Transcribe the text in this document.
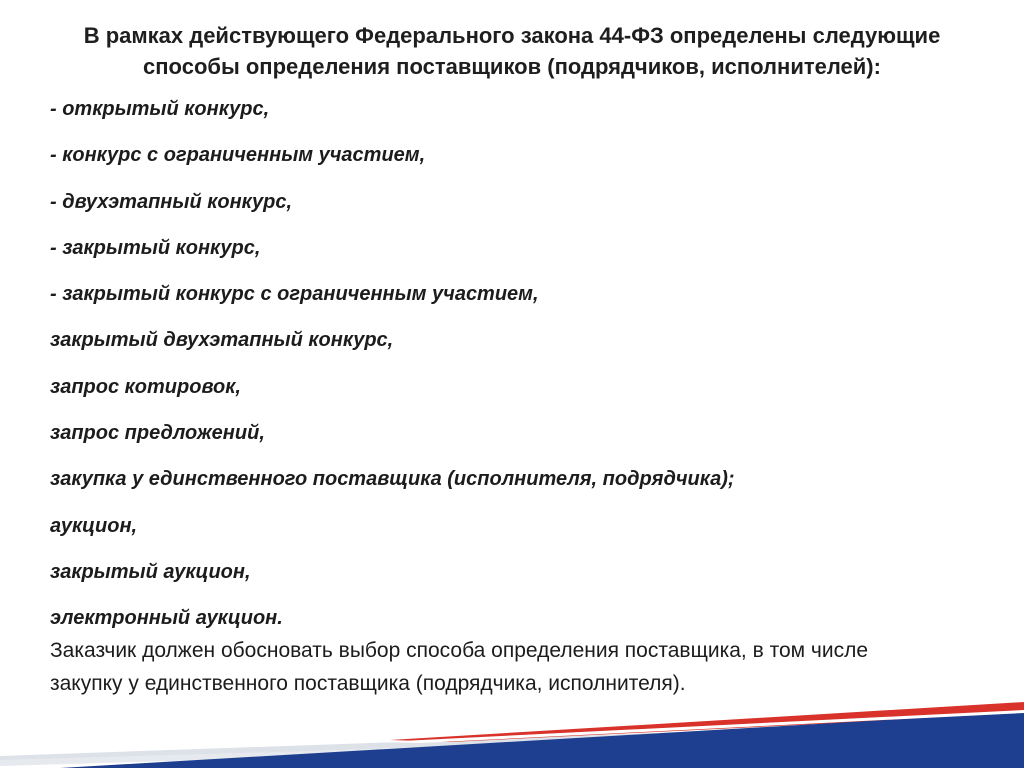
В рамках действующего Федерального закона 44-ФЗ определены следующие
способы определения поставщиков (подрядчиков, исполнителей):
- открытый конкурс,
- конкурс с ограниченным участием,
- двухэтапный конкурс,
- закрытый конкурс,
- закрытый конкурс с ограниченным участием,
закрытый двухэтапный конкурс,
запрос котировок,
запрос предложений,
закупка у единственного поставщика (исполнителя, подрядчика);
аукцион,
закрытый аукцион,
электронный аукцион.
Заказчик должен обосновать выбор способа определения поставщика, в том числе
закупку у единственного поставщика (подрядчика, исполнителя).
